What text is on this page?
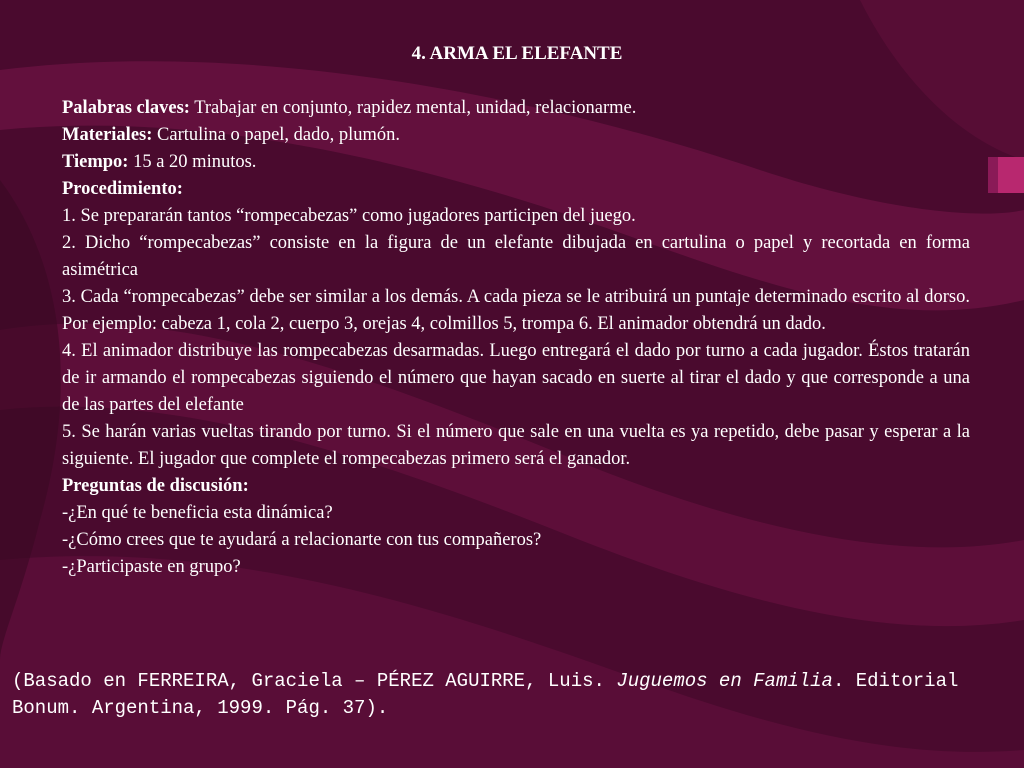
4. ARMA EL ELEFANTE

Palabras claves: Trabajar en conjunto, rapidez mental, unidad, relacionarme.

Materiales: Cartulina o papel, dado, plumón.

Tiempo: 15 a 20 minutos.

Procedimiento:

1. Se prepararán tantos “rompecabezas” como jugadores participen del juego.

2. Dicho “rompecabezas” consiste en la figura de un elefante dibujada en cartulina o papel y recortada en forma asimétrica

3. Cada “rompecabezas” debe ser similar a los demás. A cada pieza se le atribuirá un puntaje determinado escrito al dorso. Por ejemplo: cabeza 1, cola 2, cuerpo 3, orejas 4, colmillos 5, trompa 6. El animador obtendrá un dado.

4. El animador distribuye las rompecabezas desarmadas. Luego entregará el dado por turno a cada jugador. Éstos tratarán de ir armando el rompecabezas siguiendo el número que hayan sacado en suerte al tirar el dado y que corresponde a una de las partes del elefante

5. Se harán varias vueltas tirando por turno. Si el número que sale en una vuelta es ya repetido, debe pasar y esperar a la siguiente. El jugador que complete el rompecabezas primero será el ganador.

Preguntas de discusión:

-¿En qué te beneficia esta dinámica?

-¿Cómo crees que te ayudará a relacionarte con tus compañeros?

-¿Participaste en grupo?

(Basado en FERREIRA, Graciela – PÉREZ AGUIRRE, Luis. Juguemos en Familia. Editorial Bonum. Argentina, 1999. Pág. 37).
